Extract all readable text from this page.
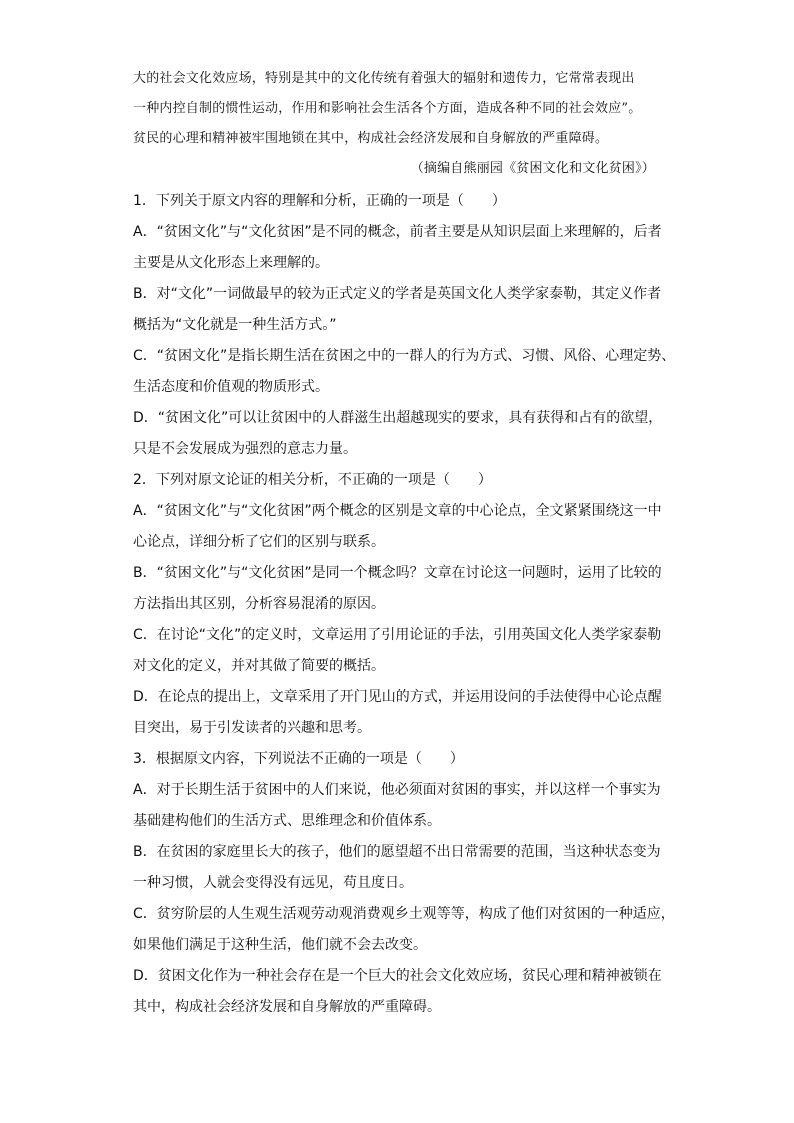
大的社会文化效应场，特别是其中的文化传统有着强大的辐射和遗传力，它常常表现出
一种内控自制的惯性运动，作用和影响社会生活各个方面，造成各种不同的社会效应”。
贫民的心理和精神被牢围地锁在其中，构成社会经济发展和自身解放的严重障碍。
（摘编自熊丽园《贫困文化和文化贫困》）
1．下列关于原文内容的理解和分析，正确的一项是（　　）
A．“贫困文化”与“文化贫困”是不同的概念，前者主要是从知识层面上来理解的，后者
主要是从文化形态上来理解的。
B．对“文化”一词做最早的较为正式定义的学者是英国文化人类学家泰勒，其定义作者
概括为“文化就是一种生活方式。”
C．“贫困文化”是指长期生活在贫困之中的一群人的行为方式、习惯、风俗、心理定势、
生活态度和价值观的物质形式。
D．“贫困文化”可以让贫困中的人群滋生出超越现实的要求，具有获得和占有的欲望，
只是不会发展成为强烈的意志力量。
2．下列对原文论证的相关分析，不正确的一项是（　　）
A．“贫困文化”与“文化贫困”两个概念的区别是文章的中心论点，全文紧紧围绕这一中
心论点，详细分析了它们的区别与联系。
B．“贫困文化”与“文化贫困”是同一个概念吗？文章在讨论这一问题时，运用了比较的
方法指出其区别，分析容易混淆的原因。
C．在讨论“文化”的定义时，文章运用了引用论证的手法，引用英国文化人类学家泰勒
对文化的定义，并对其做了简要的概括。
D．在论点的提出上，文章采用了开门见山的方式，并运用设问的手法使得中心论点醒
目突出，易于引发读者的兴趣和思考。
3．根据原文内容，下列说法不正确的一项是（　　）
A．对于长期生活于贫困中的人们来说，他必须面对贫困的事实，并以这样一个事实为
基础建构他们的生活方式、思维理念和价值体系。
B．在贫困的家庭里长大的孩子，他们的愿望超不出日常需要的范围，当这种状态变为
一种习惯，人就会变得没有远见，苟且度日。
C．贫穷阶层的人生观生活观劳动观消费观乡土观等等，构成了他们对贫困的一种适应，
如果他们满足于这种生活，他们就不会去改变。
D．贫困文化作为一种社会存在是一个巨大的社会文化效应场，贫民心理和精神被锁在
其中，构成社会经济发展和自身解放的严重障碍。
